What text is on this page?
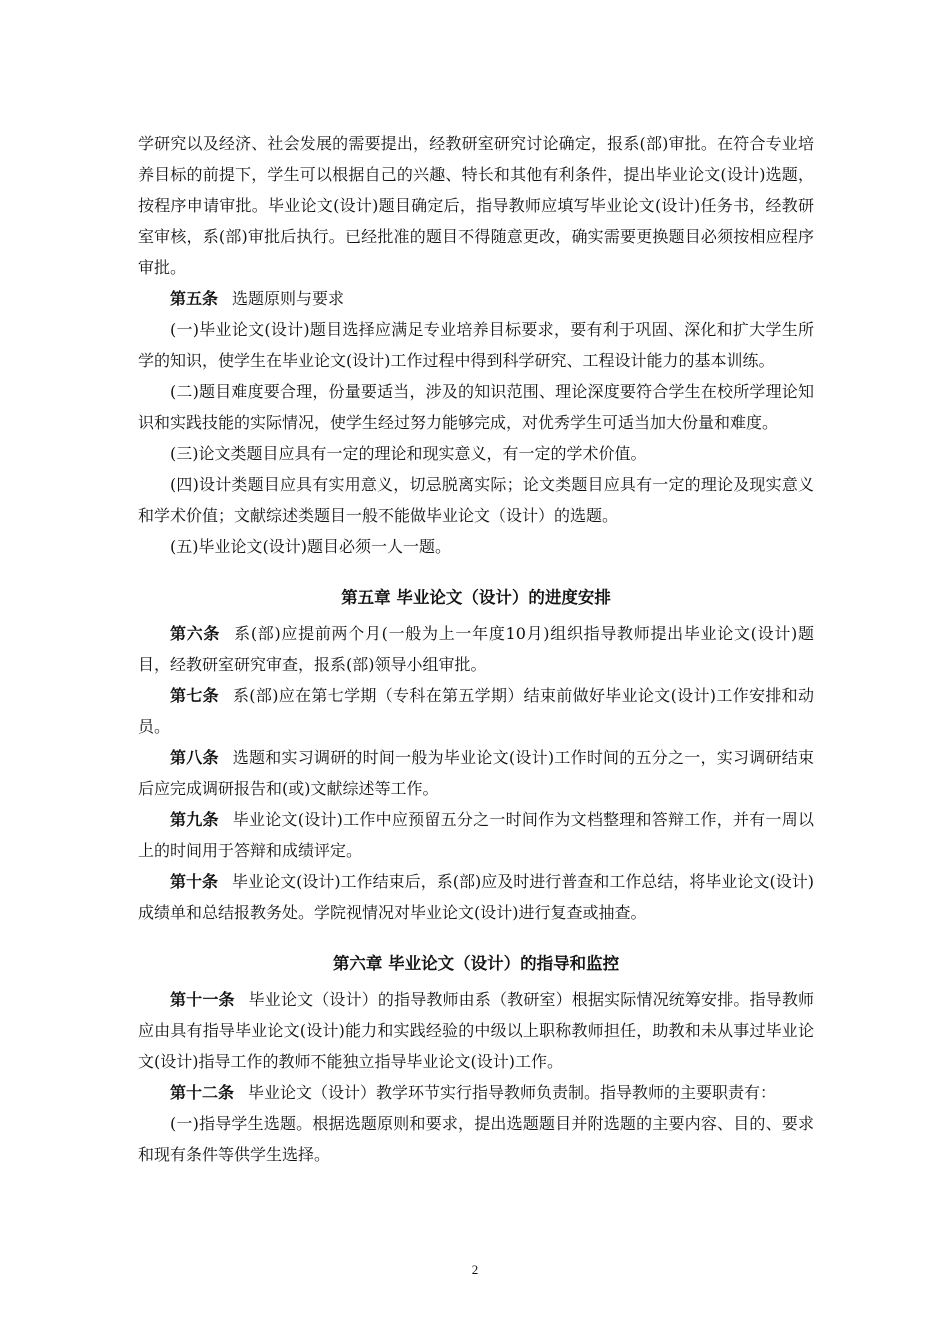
学研究以及经济、社会发展的需要提出，经教研室研究讨论确定，报系(部)审批。在符合专业培养目标的前提下，学生可以根据自己的兴趣、特长和其他有利条件，提出毕业论文(设计)选题，按程序申请审批。毕业论文(设计)题目确定后，指导教师应填写毕业论文(设计)任务书，经教研室审核，系(部)审批后执行。已经批准的题目不得随意更改，确实需要更换题目必须按相应程序审批。

第五条 选题原则与要求

(一)毕业论文(设计)题目选择应满足专业培养目标要求，要有利于巩固、深化和扩大学生所学的知识，使学生在毕业论文(设计)工作过程中得到科学研究、工程设计能力的基本训练。

(二)题目难度要合理，份量要适当，涉及的知识范围、理论深度要符合学生在校所学理论知识和实践技能的实际情况，使学生经过努力能够完成，对优秀学生可适当加大份量和难度。

(三)论文类题目应具有一定的理论和现实意义，有一定的学术价值。

(四)设计类题目应具有实用意义，切忌脱离实际；论文类题目应具有一定的理论及现实意义和学术价值；文献综述类题目一般不能做毕业论文（设计）的选题。

(五)毕业论文(设计)题目必须一人一题。

第五章 毕业论文（设计）的进度安排

第六条 系(部)应提前两个月(一般为上一年度10月)组织指导教师提出毕业论文(设计)题目，经教研室研究审查，报系(部)领导小组审批。

第七条 系(部)应在第七学期（专科在第五学期）结束前做好毕业论文(设计)工作安排和动员。

第八条 选题和实习调研的时间一般为毕业论文(设计)工作时间的五分之一，实习调研结束后应完成调研报告和(或)文献综述等工作。

第九条 毕业论文(设计)工作中应预留五分之一时间作为文档整理和答辩工作，并有一周以上的时间用于答辩和成绩评定。

第十条 毕业论文(设计)工作结束后，系(部)应及时进行普查和工作总结，将毕业论文(设计)成绩单和总结报教务处。学院视情况对毕业论文(设计)进行复查或抽查。

第六章 毕业论文（设计）的指导和监控

第十一条 毕业论文（设计）的指导教师由系（教研室）根据实际情况统筹安排。指导教师应由具有指导毕业论文(设计)能力和实践经验的中级以上职称教师担任，助教和未从事过毕业论文(设计)指导工作的教师不能独立指导毕业论文(设计)工作。

第十二条 毕业论文（设计）教学环节实行指导教师负责制。指导教师的主要职责有：

(一)指导学生选题。根据选题原则和要求，提出选题题目并附选题的主要内容、目的、要求和现有条件等供学生选择。

2
